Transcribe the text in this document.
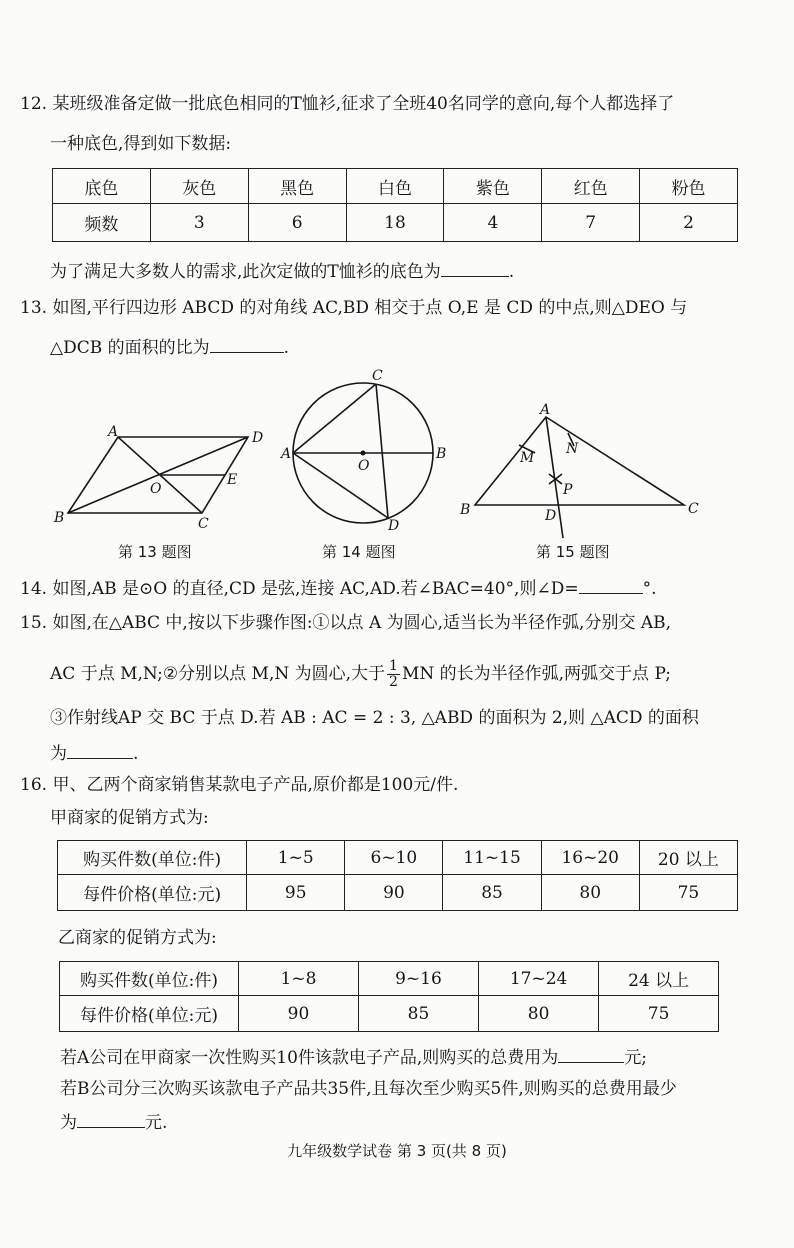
12. 某班级准备定做一批底色相同的T恤衫,征求了全班40名同学的意向,每个人都选择了
一种底色,得到如下数据:
底色	灰色	黑色	白色	紫色	红色	粉色
频数	3	6	18	4	7	2
为了满足大多数人的需求,此次定做的T恤衫的底色为	.
13. 如图,平行四边形 ABCD 的对角线 AC,BD 相交于点 O,E 是 CD 的中点,则△DEO 与
△DCB 的面积的比为	.
A	D
O
E
B	C
C
A
O
B
D
A
M
N
P
B	D	C
第 13 题图	第 14 题图	第 15 题图
14. 如图,AB 是⊙O 的直径,CD 是弦,连接 AC,AD.若∠BAC=40°,则∠D=	°.
15. 如图,在△ABC 中,按以下步骤作图:①以点 A 为圆心,适当长为半径作弧,分别交 AB,
AC 于点 M,N;②分别以点 M,N 为圆心,大于 $\frac{1}{2}$ MN 的长为半径作弧,两弧交于点 P;
③作射线AP 交 BC 于点 D.若 AB : AC = 2 : 3, △ABD 的面积为 2,则 △ACD 的面积
为	.
16. 甲、乙两个商家销售某款电子产品,原价都是100元/件.
甲商家的促销方式为:
购买件数(单位:件)	1~5	6~10	11~15	16~20	20 以上
每件价格(单位:元)	95	90	85	80	75
乙商家的促销方式为:
购买件数(单位:件)	1~8	9~16	17~24	24 以上
每件价格(单位:元)	90	85	80	75
若A公司在甲商家一次性购买10件该款电子产品,则购买的总费用为	元;
若B公司分三次购买该款电子产品共35件,且每次至少购买5件,则购买的总费用最少
为	元.
九年级数学试卷 第 3 页(共 8 页)
